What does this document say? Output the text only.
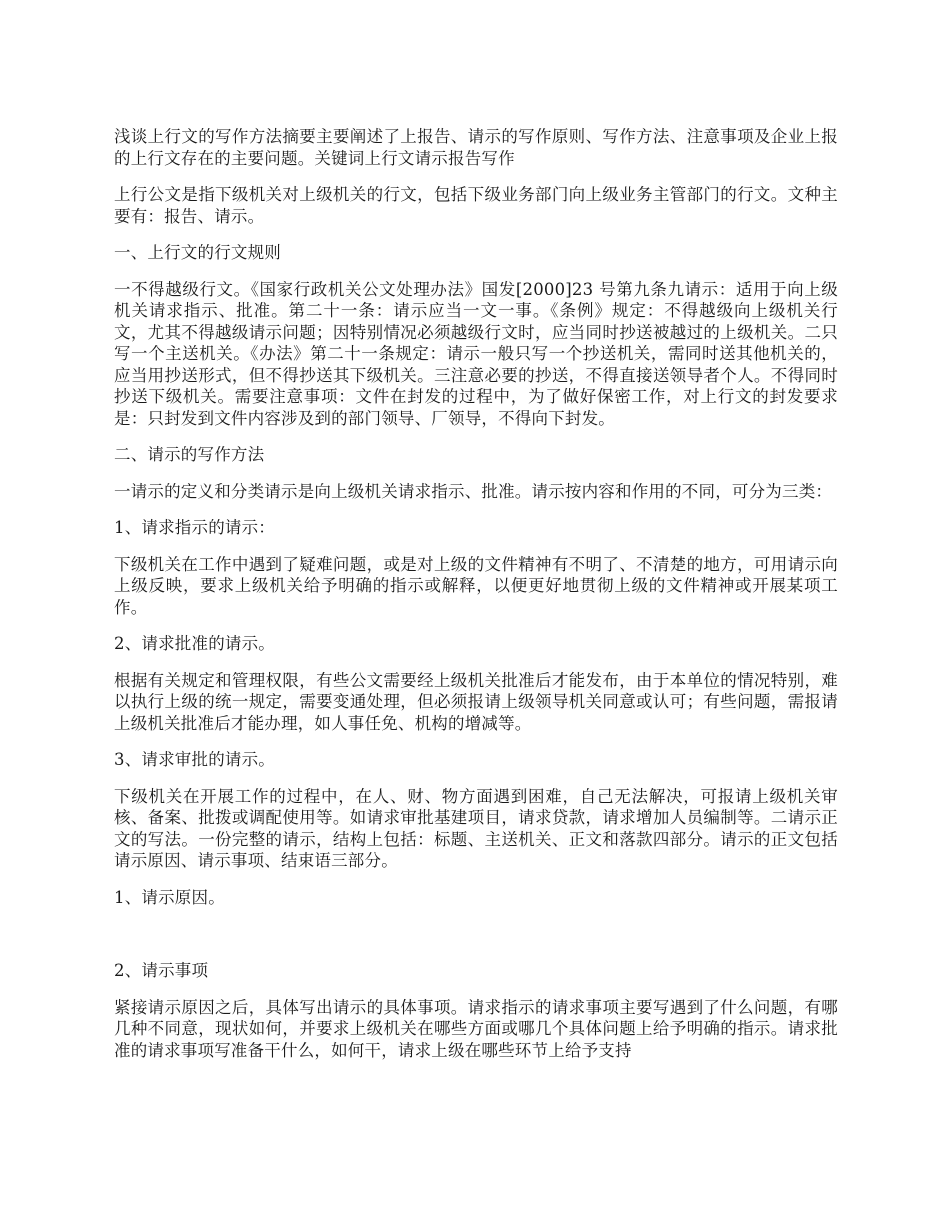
浅谈上行文的写作方法摘要主要阐述了上报告、请示的写作原则、写作方法、注意事项及企业上报的上行文存在的主要问题。关键词上行文请示报告写作

上行公文是指下级机关对上级机关的行文，包括下级业务部门向上级业务主管部门的行文。文种主要有：报告、请示。

一、上行文的行文规则

一不得越级行文。《国家行政机关公文处理办法》国发[2000]23 号第九条九请示：适用于向上级机关请求指示、批准。第二十一条：请示应当一文一事。《条例》规定：不得越级向上级机关行文，尤其不得越级请示问题；因特别情况必须越级行文时，应当同时抄送被越过的上级机关。二只写一个主送机关。《办法》第二十一条规定：请示一般只写一个抄送机关，需同时送其他机关的，应当用抄送形式，但不得抄送其下级机关。三注意必要的抄送，不得直接送领导者个人。不得同时抄送下级机关。需要注意事项：文件在封发的过程中，为了做好保密工作，对上行文的封发要求是：只封发到文件内容涉及到的部门领导、厂领导，不得向下封发。

二、请示的写作方法

一请示的定义和分类请示是向上级机关请求指示、批准。请示按内容和作用的不同，可分为三类：

1、请求指示的请示：

下级机关在工作中遇到了疑难问题，或是对上级的文件精神有不明了、不清楚的地方，可用请示向上级反映，要求上级机关给予明确的指示或解释，以便更好地贯彻上级的文件精神或开展某项工作。

2、请求批准的请示。

根据有关规定和管理权限，有些公文需要经上级机关批准后才能发布，由于本单位的情况特别，难以执行上级的统一规定，需要变通处理，但必须报请上级领导机关同意或认可；有些问题，需报请上级机关批准后才能办理，如人事任免、机构的增减等。

3、请求审批的请示。

下级机关在开展工作的过程中，在人、财、物方面遇到困难，自己无法解决，可报请上级机关审核、备案、批拨或调配使用等。如请求审批基建项目，请求贷款，请求增加人员编制等。二请示正文的写法。一份完整的请示，结构上包括：标题、主送机关、正文和落款四部分。请示的正文包括请示原因、请示事项、结束语三部分。

1、请示原因。

2、请示事项

紧接请示原因之后，具体写出请示的具体事项。请求指示的请求事项主要写遇到了什么问题，有哪几种不同意，现状如何，并要求上级机关在哪些方面或哪几个具体问题上给予明确的指示。请求批准的请求事项写准备干什么，如何干，请求上级在哪些环节上给予支持
